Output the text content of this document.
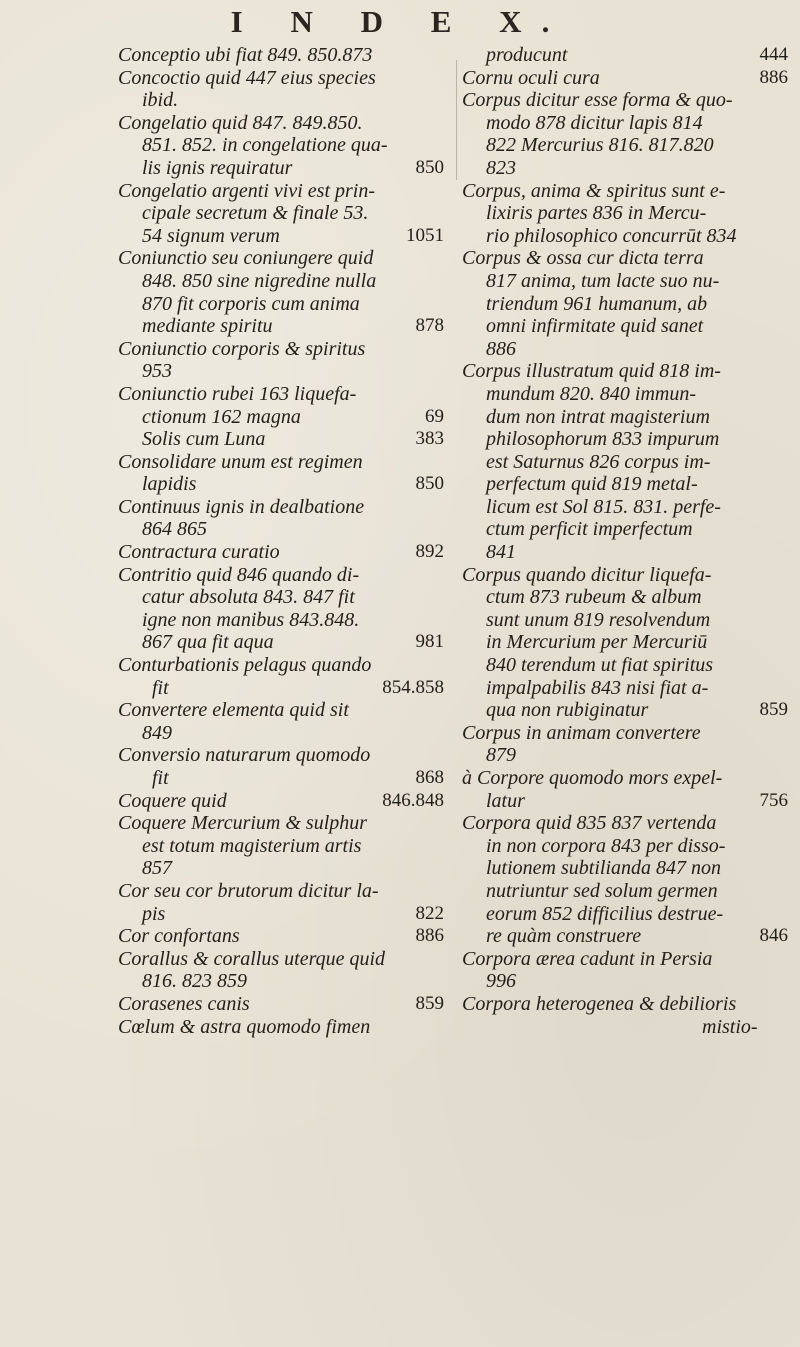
I N D E X.
Conceptio ubi fiat 849. 850.873
Concoctio quid 447 eius species
ibid.
Congelatio quid 847. 849.850.
851. 852. in congelatione qua-
lis ignis requiratur	850
Congelatio argenti vivi est prin-
cipale secretum & finale 53.
54 signum verum	1051
Coniunctio seu coniungere quid
848. 850 sine nigredine nulla
870 fit corporis cum anima
mediante spiritu	878
Coniunctio corporis & spiritus
953
Coniunctio rubei 163 liquefa-
ctionum 162 magna	69
Solis cum Luna	383
Consolidare unum est regimen
lapidis	850
Continuus ignis in dealbatione
864 865
Contractura curatio	892
Contritio quid 846 quando di-
catur absoluta 843. 847 fit
igne non manibus 843.848.
867 qua fit aqua	981
Conturbationis pelagus quando
fit	854.858
Convertere elementa quid sit
849
Conversio naturarum quomodo
fit	868
Coquere quid	846.848
Coquere Mercurium & sulphur
est totum magisterium artis
857
Cor seu cor brutorum dicitur la-
pis	822
Cor confortans	886
Corallus & corallus uterque quid
816. 823 859
Corasenes canis	859
Cœlum & astra quomodo fimen
producunt	444
Cornu oculi cura	886
Corpus dicitur esse forma & quo-
modo 878 dicitur lapis 814
822 Mercurius 816. 817.820
823
Corpus, anima & spiritus sunt e-
lixiris partes 836 in Mercu-
rio philosophico concurrūt 834
Corpus & ossa cur dicta terra
817 anima, tum lacte suo nu-
triendum 961 humanum, ab
omni infirmitate quid sanet
886
Corpus illustratum quid 818 im-
mundum 820. 840 immun-
dum non intrat magisterium
philosophorum 833 impurum
est Saturnus 826 corpus im-
perfectum quid 819 metal-
licum est Sol 815. 831. perfe-
ctum perficit imperfectum
841
Corpus quando dicitur liquefa-
ctum 873 rubeum & album
sunt unum 819 resolvendum
in Mercurium per Mercuriū
840 terendum ut fiat spiritus
impalpabilis 843 nisi fiat a-
qua non rubiginatur	859
Corpus in animam convertere
879
à Corpore quomodo mors expel-
latur	756
Corpora quid 835 837 vertenda
in non corpora 843 per disso-
lutionem subtilianda 847 non
nutriuntur sed solum germen
eorum 852 difficilius destrue-
re quàm construere	846
Corpora ærea cadunt in Persia
996
Corpora heterogenea & debilioris
mistio-
